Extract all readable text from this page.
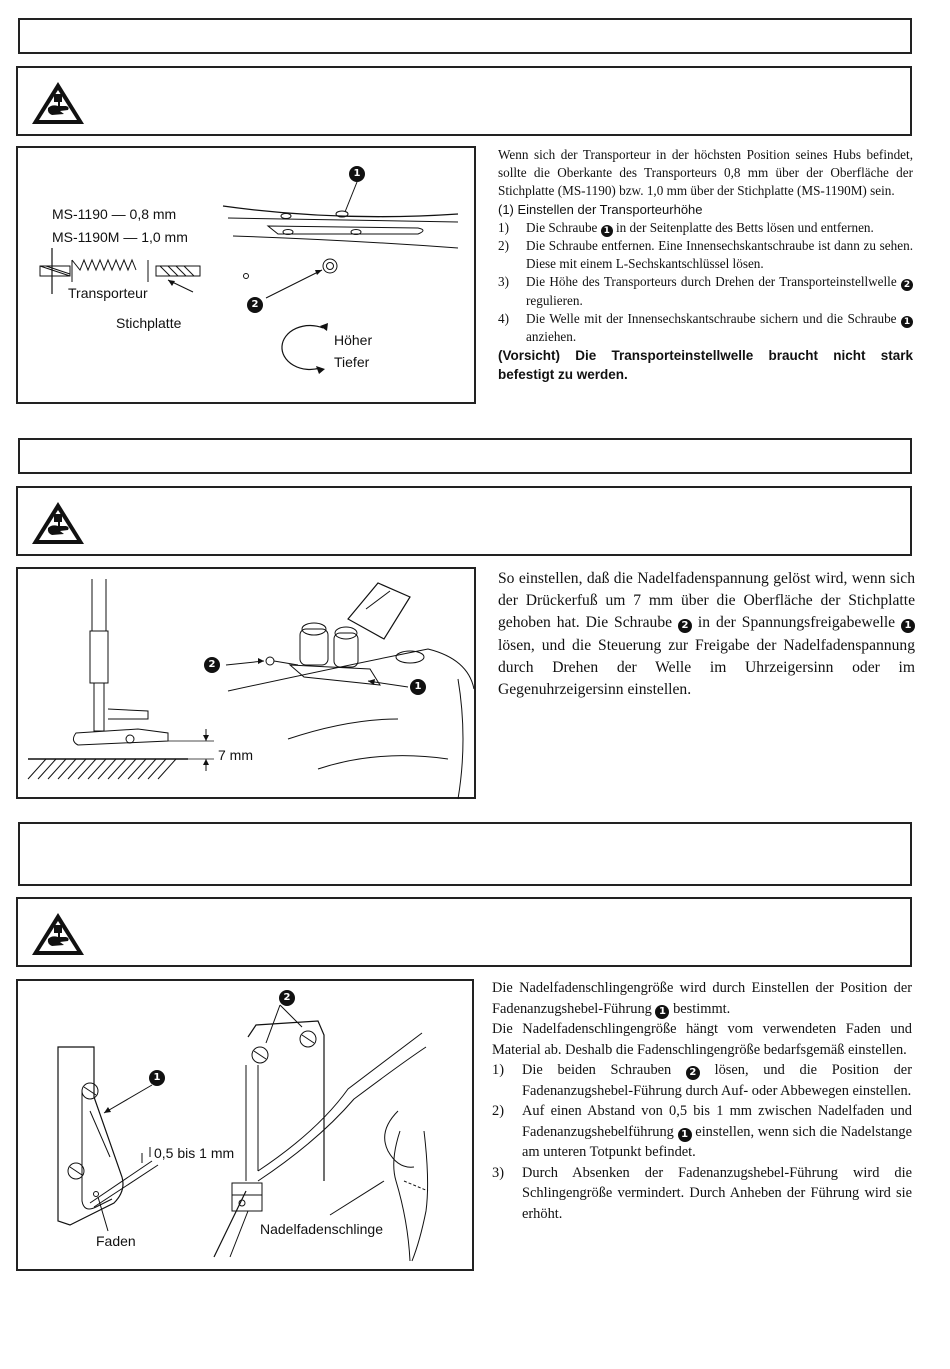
MS-1190 — 0,8 mm
MS-1190M — 1,0 mm
Transporteur
Stichplatte
Höher
Tiefer
1
2

Wenn sich der Transporteur in der höchsten Position seines Hubs befindet, sollte die Oberkante des Transporteurs 0,8 mm über der Oberfläche der Stichplatte (MS-1190) bzw. 1,0 mm über der Stichplatte (MS-1190M) sein.

(1) Einstellen der Transporteurhöhe
1) Die Schraube 1 in der Seitenplatte des Betts lösen und entfernen.
2) Die Schraube entfernen. Eine Innensechskantschraube ist dann zu sehen. Diese mit einem L-Sechskantschlüssel lösen.
3) Die Höhe des Transporteurs durch Drehen der Transporteinstellwelle 2 regulieren.
4) Die Welle mit der Innensechskantschraube sichern und die Schraube 1 anziehen.
(Vorsicht) Die Transporteinstellwelle braucht nicht stark befestigt zu werden.
7 mm
2
1
So einstellen, daß die Nadelfadenspannung gelöst wird, wenn sich der Drückerfuß um 7 mm über die Oberfläche der Stichplatte gehoben hat. Die Schraube 2 in der Spannungsfreigabewelle 1 lösen, und die Steuerung zur Freigabe der Nadelfadenspannung durch Drehen der Welle im Uhrzeigersinn oder im Gegenuhrzeigersinn einstellen.
0,5 bis 1 mm
Faden
Nadelfadenschlinge
1
2

Die Nadelfadenschlingengröße wird durch Einstellen der Position der Fadenanzugshebel-Führung 1 bestimmt.

Die Nadelfadenschlingengröße hängt vom verwendeten Faden und Material ab. Deshalb die Fadenschlingengröße bedarfsgemäß einstellen.

1) Die beiden Schrauben 2 lösen, und die Position der Fadenanzugshebel-Führung durch Auf- oder Abbewegen einstellen.
2) Auf einen Abstand von 0,5 bis 1 mm zwischen Nadelfaden und Fadenanzugshebelführung 1 einstellen, wenn sich die Nadelstange am unteren Totpunkt befindet.
3) Durch Absenken der Fadenanzugshebel-Führung wird die Schlingengröße vermindert. Durch Anheben der Führung wird sie erhöht.
